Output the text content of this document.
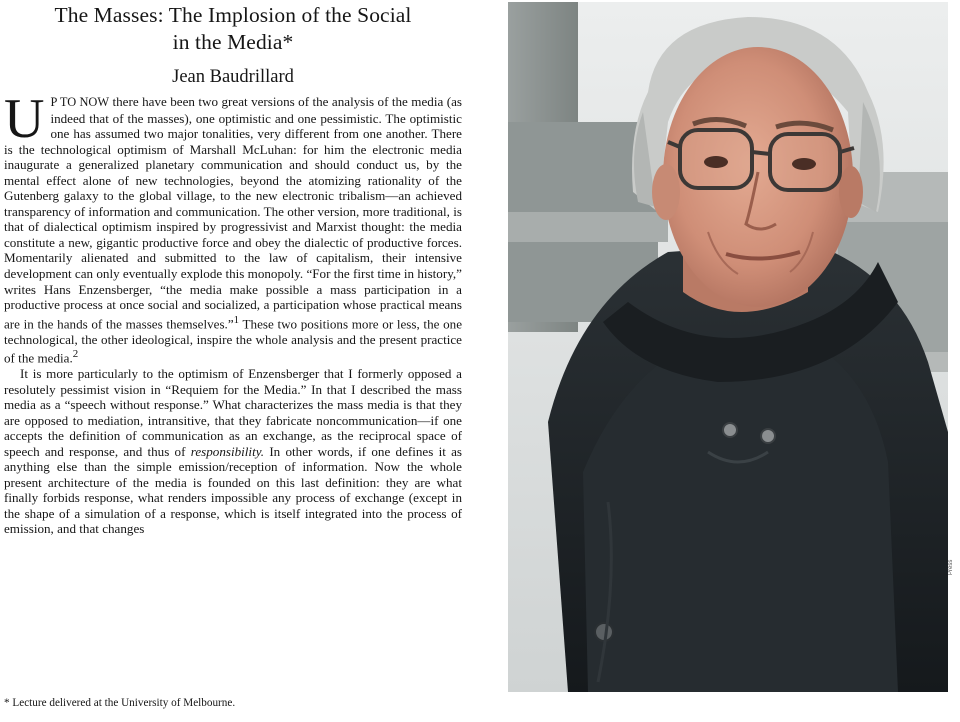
The Masses: The Implosion of the Social
in the Media*
Jean Baudrillard

U P TO NOW there have been two great versions of the analysis of the media (as indeed that of the masses), one optimistic and one pessimistic. The optimistic one has assumed two major tonalities, very different from one another. There is the technological optimism of Marshall McLuhan: for him the electronic media inaugurate a generalized planetary communication and should conduct us, by the mental effect alone of new technologies, beyond the atomizing rationality of the Gutenberg galaxy to the global village, to the new electronic tribalism—an achieved transparency of information and communication. The other version, more traditional, is that of dialectical optimism inspired by progressivist and Marxist thought: the media constitute a new, gigantic productive force and obey the dialectic of productive forces. Momentarily alienated and submitted to the law of capitalism, their intensive development can only eventually explode this monopoly. “For the first time in history,” writes Hans Enzensberger, “the media make possible a mass participation in a productive process at once social and socialized, a participation whose practical means are in the hands of the masses themselves.”$^1$ These two positions more or less, the one technological, the other ideological, inspire the whole analysis and the present practice of the media.$^2$

It is more particularly to the optimism of Enzensberger that I formerly opposed a resolutely pessimist vision in “Requiem for the Media.” In that I described the mass media as a “speech without response.” What characterizes the mass media is that they are opposed to mediation, intransitive, that they fabricate noncommunication—if one accepts the definition of communication as an exchange, as the reciprocal space of speech and response, and thus of responsibility. In other words, if one defines it as anything else than the simple emission/reception of information. Now the whole present architecture of the media is founded on this last definition: they are what finally forbids response, what renders impossible any process of exchange (except in the shape of a simulation of a response, which is itself integrated into the process of emission, and that changes

* Lecture delivered at the University of Melbourne.
Press
